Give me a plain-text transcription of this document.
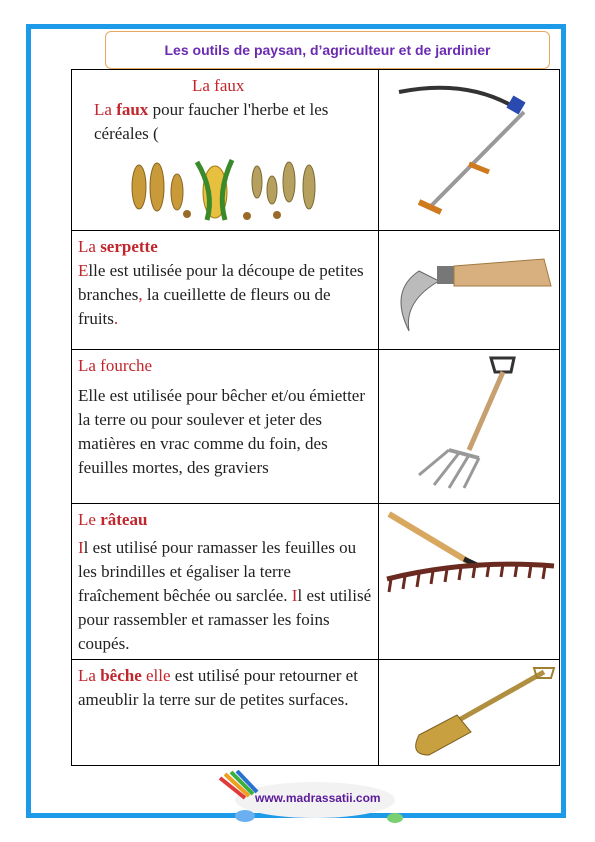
Les outils de paysan, d’agriculteur et de jardinier
La faux
La faux pour faucher l'herbe et les céréales (
La serpette
Elle est utilisée pour la découpe de petites branches, la cueillette de fleurs ou de fruits.
La fourche
Elle est utilisée pour bêcher et/ou émietter la terre ou pour soulever et jeter des matières en vrac comme du foin, des feuilles mortes, des graviers
Le râteau

Il est utilisé pour ramasser les feuilles ou les brindilles et égaliser la terre fraîchement bêchée ou sarclée. Il est utilisé pour rassembler et ramasser les foins coupés.
La bêche elle est utilisé pour retourner et ameublir la terre sur de petites surfaces.
www.madrassatii.com
